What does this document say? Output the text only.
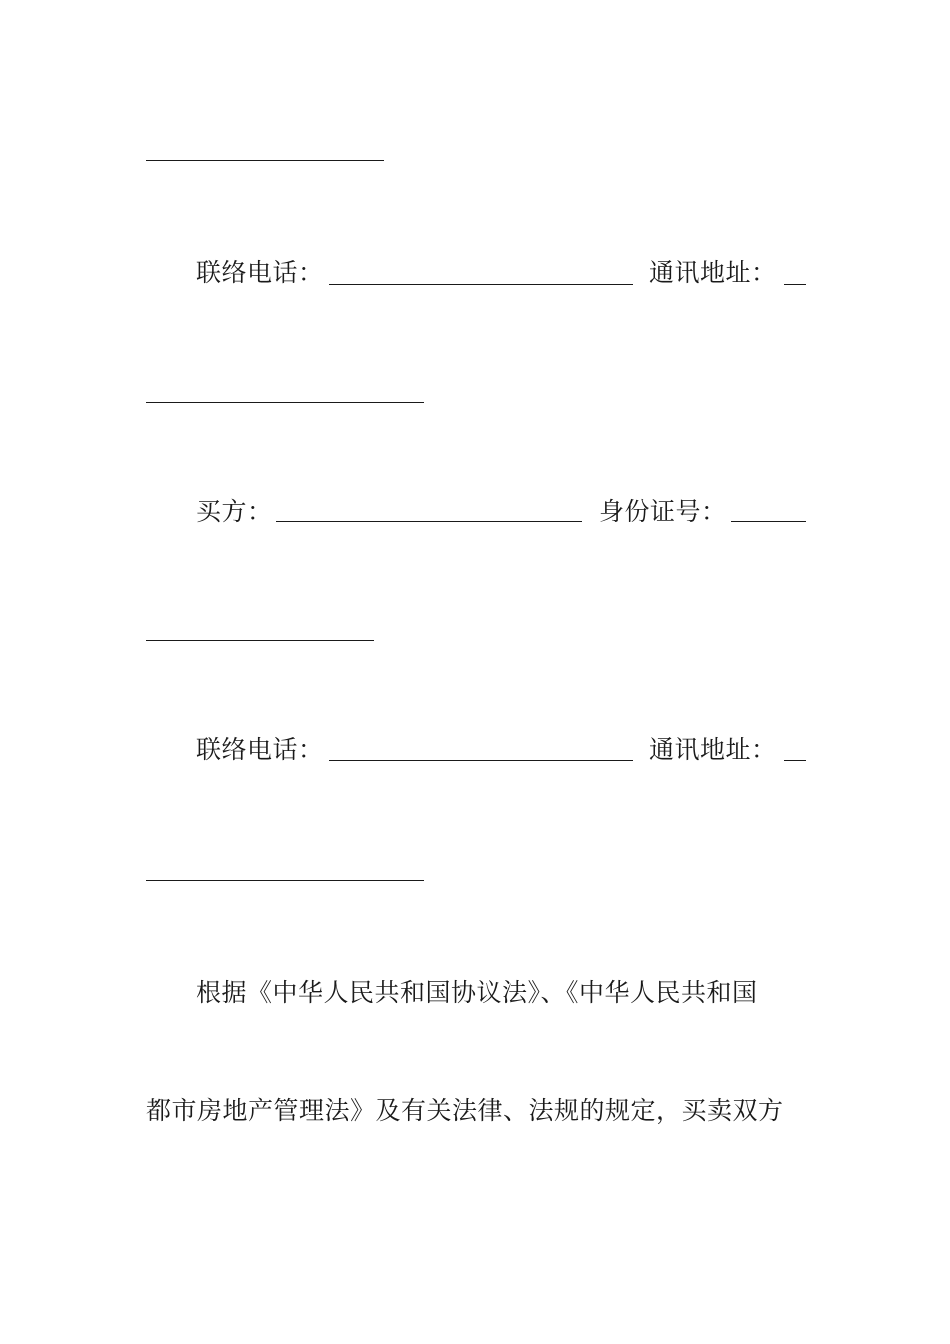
联络电话：	通讯地址：
买方：	身份证号：
联络电话：	通讯地址：
根据《中华人民共和国协议法》、《中华人民共和国
都市房地产管理法》及有关法律、法规的规定，买卖双方
